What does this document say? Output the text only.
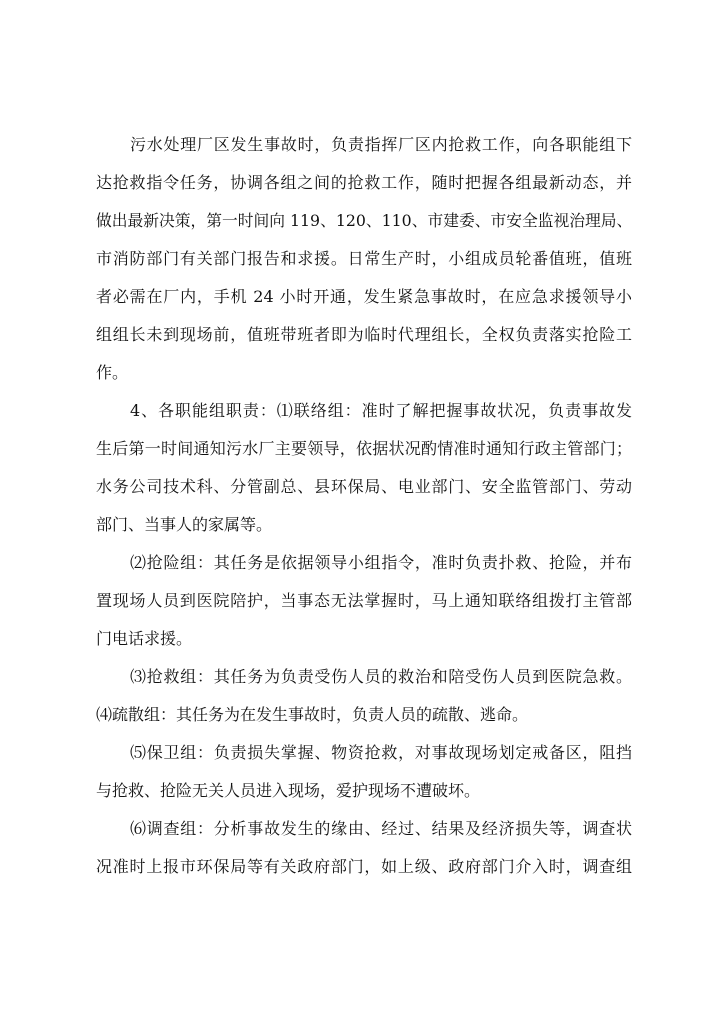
污水处理厂区发生事故时，负责指挥厂区内抢救工作，向各职能组下
达抢救指令任务，协调各组之间的抢救工作，随时把握各组最新动态，并
做出最新决策，第一时间向 119、120、110、市建委、市安全监视治理局、
市消防部门有关部门报告和求援。日常生产时，小组成员轮番值班，值班
者必需在厂内，手机 24 小时开通，发生紧急事故时，在应急求援领导小
组组长未到现场前，值班带班者即为临时代理组长，全权负责落实抢险工
作。
4、各职能组职责：⑴联络组：准时了解把握事故状况，负责事故发
生后第一时间通知污水厂主要领导，依据状况酌情准时通知行政主管部门；
水务公司技术科、分管副总、县环保局、电业部门、安全监管部门、劳动
部门、当事人的家属等。
⑵抢险组：其任务是依据领导小组指令，准时负责扑救、抢险，并布
置现场人员到医院陪护，当事态无法掌握时，马上通知联络组拨打主管部
门电话求援。
⑶抢救组：其任务为负责受伤人员的救治和陪受伤人员到医院急救。
⑷疏散组：其任务为在发生事故时，负责人员的疏散、逃命。
⑸保卫组：负责损失掌握、物资抢救，对事故现场划定戒备区，阻挡
与抢救、抢险无关人员进入现场，爱护现场不遭破坏。
⑹调查组：分析事故发生的缘由、经过、结果及经济损失等，调查状
况准时上报市环保局等有关政府部门，如上级、政府部门介入时，调查组
